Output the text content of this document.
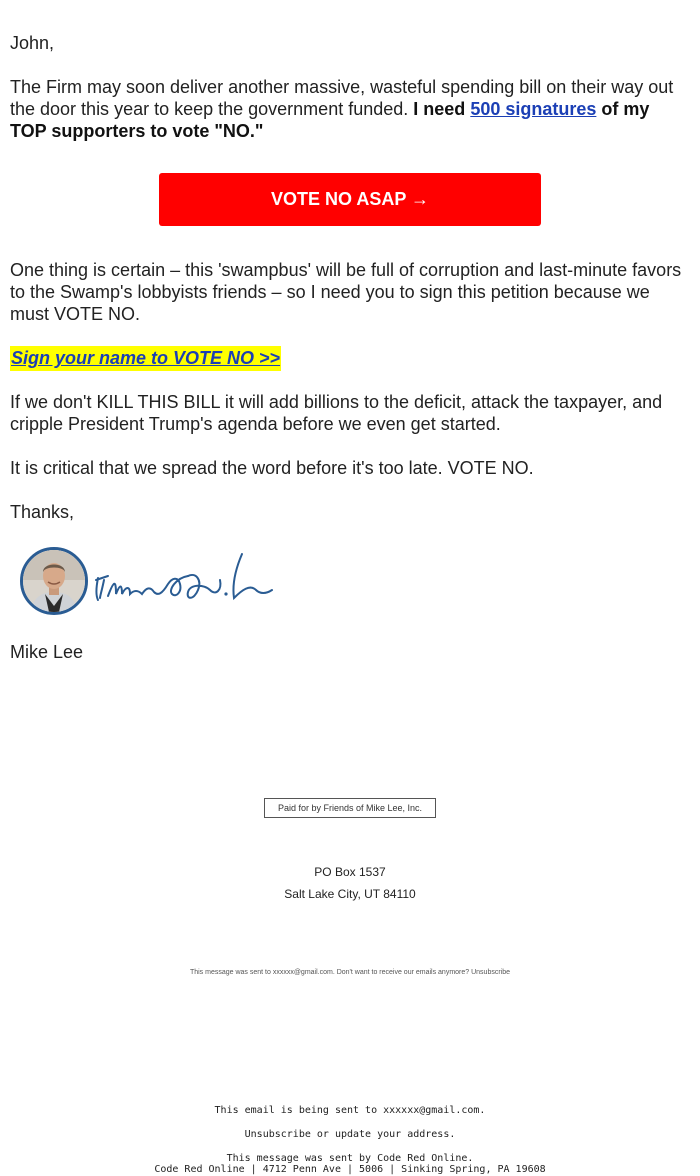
John,

The Firm may soon deliver another massive, wasteful spending bill on their way out the door this year to keep the government funded. I need 500 signatures of my TOP supporters to vote "NO."

VOTE NO ASAP →

One thing is certain – this 'swampbus' will be full of corruption and last-minute favors to the Swamp's lobbyists friends – so I need you to sign this petition because we must VOTE NO.

Sign your name to VOTE NO >>

If we don't KILL THIS BILL it will add billions to the deficit, attack the taxpayer, and cripple President Trump's agenda before we even get started.

It is critical that we spread the word before it's too late. VOTE NO.

Thanks,

Mike Lee

Paid for by Friends of Mike Lee, Inc.
PO Box 1537
Salt Lake City, UT 84110
This message was sent to xxxxxx@gmail.com. Don't want to receive our emails anymore? Unsubscribe
This email is being sent to xxxxxx@gmail.com.
Unsubscribe or update your address.
This message was sent by Code Red Online.
Code Red Online | 4712 Penn Ave | 5006 | Sinking Spring, PA 19608
